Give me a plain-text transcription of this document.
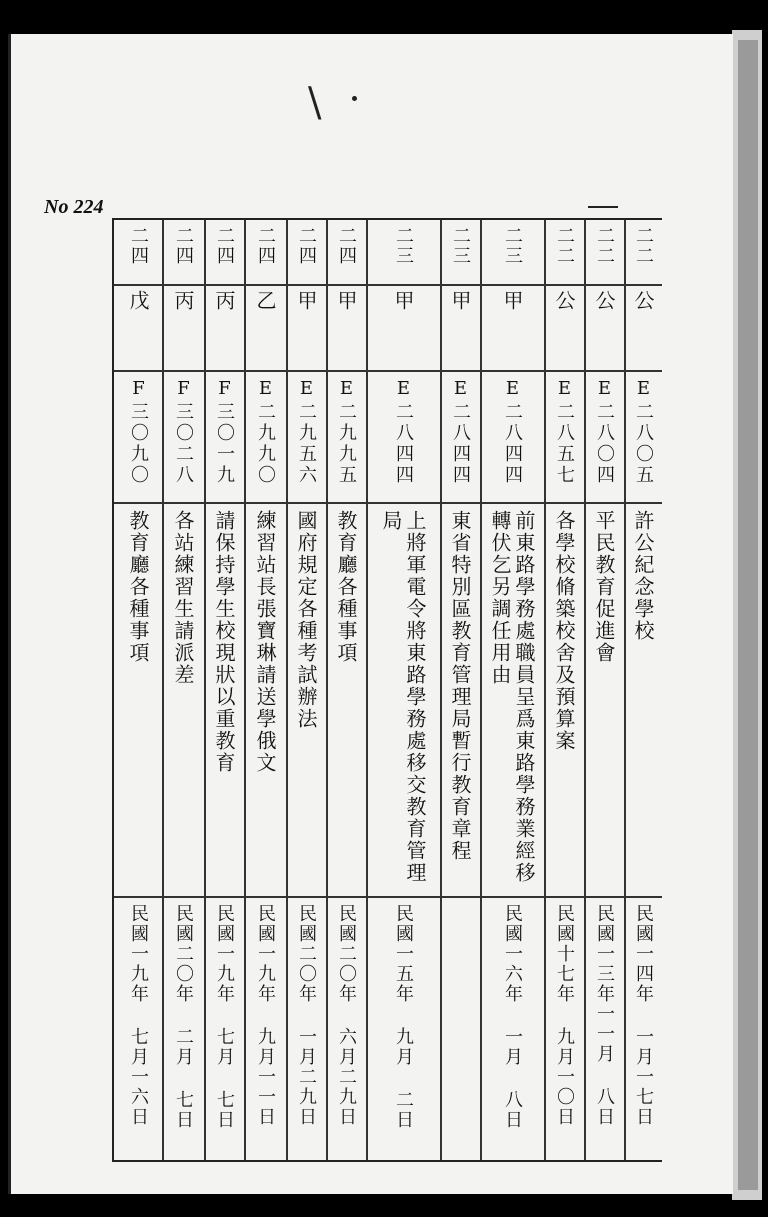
\
No 224
二二
公
E二八〇五
許公紀念學校
民國一四年 一月一七日
二二
公
E二八〇四
平民教育促進會
民國一三年一一月 八日
二二
公
E二八五七
各學校脩築校舍及預算案
民國十七年 九月一〇日
二三
甲
E二八四四
前東路學務處職員呈爲東路學務業經移
轉伏乞另調任用由
民國一六年 一月 八日
二三
甲
E二八四四
東省特別區教育管理局暫行教育章程
二三
甲
E二八四四
上將軍電令將東路學務處移交教育管理
局
民國一五年 九月 二日
二四
甲
E二九九五
教育廳各種事項
民國二〇年 六月二九日
二四
甲
E二九五六
國府規定各種考試辦法
民國二〇年 一月二九日
二四
乙
E二九九〇
練習站長張寶琳請送學俄文
民國一九年 九月一一日
二四
丙
F三〇一九
請保持學生校現狀以重教育
民國一九年 七月 七日
二四
丙
F三〇二八
各站練習生請派差
民國二〇年 二月 七日
二四
戊
F三〇九〇
教育廳各種事項
民國一九年 七月一六日
